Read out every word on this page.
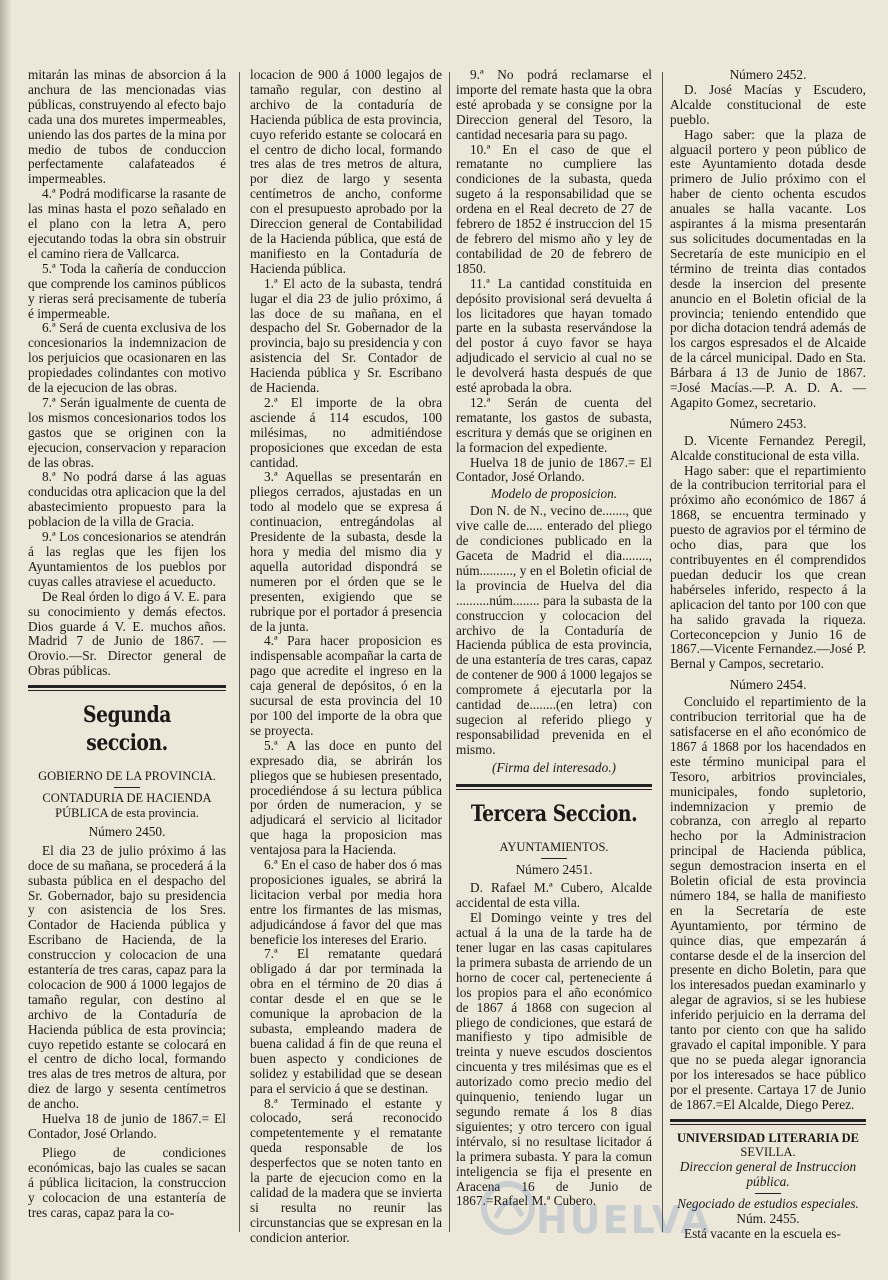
mitarán las minas de absorcion á la anchura de las mencionadas vias públicas, construyendo al efecto bajo cada una dos muretes impermeables, uniendo las dos partes de la mina por medio de tubos de conduccion perfectamente calafateados é impermeables.

4.ª Podrá modificarse la rasante de las minas hasta el pozo señalado en el plano con la letra A, pero ejecutando todas la obra sin obstruir el camino riera de Vallcarca.

5.ª Toda la cañería de conduccion que comprende los caminos públicos y rieras será precisamente de tubería é impermeable.

6.ª Será de cuenta exclusiva de los concesionarios la indemnizacion de los perjuicios que ocasionaren en las propiedades colindantes con motivo de la ejecucion de las obras.

7.ª Serán igualmente de cuenta de los mismos concesionarios todos los gastos que se originen con la ejecucion, conservacion y reparacion de las obras.

8.ª No podrá darse á las aguas conducidas otra aplicacion que la del abastecimiento propuesto para la poblacion de la villa de Gracia.

9.ª Los concesionarios se atendrán á las reglas que les fijen los Ayuntamientos de los pueblos por cuyas calles atraviese el acueducto.

De Real órden lo digo á V. E. para su conocimiento y demás efectos. Dios guarde á V. E. muchos años. Madrid 7 de Junio de 1867. —Orovio.—Sr. Director general de Obras públicas.

Segunda seccion.

GOBIERNO DE LA PROVINCIA.

CONTADURIA DE HACIENDA PÚBLICA de esta provincia.

Número 2450.

El dia 23 de julio próximo á las doce de su mañana, se procederá á la subasta pública en el despacho del Sr. Gobernador, bajo su presidencia y con asistencia de los Sres. Contador de Hacienda pública y Escribano de Hacienda, de la construccion y colocacion de una estantería de tres caras, capaz para la colocacion de 900 á 1000 legajos de tamaño regular, con destino al archivo de la Contaduría de Hacienda pública de esta provincia; cuyo repetido estante se colocará en el centro de dicho local, formando tres alas de tres metros de altura, por diez de largo y sesenta centímetros de ancho.

Huelva 18 de junio de 1867.= El Contador, José Orlando.

Pliego de condiciones económicas, bajo las cuales se sacan á pública licitacion, la construccion y colocacion de una estantería de tres caras, capaz para la co-

locacion de 900 á 1000 legajos de tamaño regular, con destino al archivo de la contaduría de Hacienda pública de esta provincia, cuyo referido estante se colocará en el centro de dicho local, formando tres alas de tres metros de altura, por diez de largo y sesenta centímetros de ancho, conforme con el presupuesto aprobado por la Direccion general de Contabilidad de la Hacienda pública, que está de manifiesto en la Contaduría de Hacienda pública.

1.ª El acto de la subasta, tendrá lugar el dia 23 de julio próximo, á las doce de su mañana, en el despacho del Sr. Gobernador de la provincia, bajo su presidencia y con asistencia del Sr. Contador de Hacienda pública y Sr. Escribano de Hacienda.

2.ª El importe de la obra asciende á 114 escudos, 100 milésimas, no admitiéndose proposiciones que excedan de esta cantidad.

3.ª Aquellas se presentarán en pliegos cerrados, ajustadas en un todo al modelo que se expresa á continuacion, entregándolas al Presidente de la subasta, desde la hora y media del mismo dia y aquella autoridad dispondrá se numeren por el órden que se le presenten, exigiendo que se rubrique por el portador á presencia de la junta.

4.ª Para hacer proposicion es indispensable acompañar la carta de pago que acredite el ingreso en la caja general de depósitos, ó en la sucursal de esta provincia del 10 por 100 del importe de la obra que se proyecta.

5.ª A las doce en punto del expresado dia, se abrirán los pliegos que se hubiesen presentado, procediéndose á su lectura pública por órden de numeracion, y se adjudicará el servicio al licitador que haga la proposicion mas ventajosa para la Hacienda.

6.ª En el caso de haber dos ó mas proposiciones iguales, se abrirá la licitacion verbal por media hora entre los firmantes de las mismas, adjudicándose á favor del que mas beneficie los intereses del Erario.

7.ª El rematante quedará obligado á dar por terminada la obra en el término de 20 dias á contar desde el en que se le comunique la aprobacion de la subasta, empleando madera de buena calidad á fin de que reuna el buen aspecto y condiciones de solidez y estabilidad que se desean para el servicio á que se destinan.

8.ª Terminado el estante y colocado, será reconocido competentemente y el rematante queda responsable de los desperfectos que se noten tanto en la parte de ejecucion como en la calidad de la madera que se invierta si resulta no reunir las circunstancias que se expresan en la condicion anterior.

9.ª No podrá reclamarse el importe del remate hasta que la obra esté aprobada y se consigne por la Direccion general del Tesoro, la cantidad necesaria para su pago.

10.ª En el caso de que el rematante no cumpliere las condiciones de la subasta, queda sugeto á la responsabilidad que se ordena en el Real decreto de 27 de febrero de 1852 é instruccion del 15 de febrero del mismo año y ley de contabilidad de 20 de febrero de 1850.

11.ª La cantidad constituida en depósito provisional será devuelta á los licitadores que hayan tomado parte en la subasta reservándose la del postor á cuyo favor se haya adjudicado el servicio al cual no se le devolverá hasta después de que esté aprobada la obra.

12.ª Serán de cuenta del rematante, los gastos de subasta, escritura y demás que se originen en la formacion del expediente.

Huelva 18 de junio de 1867.= El Contador, José Orlando.

Modelo de proposicion.

Don N. de N., vecino de......., que vive calle de..... enterado del pliego de condiciones publicado en la Gaceta de Madrid el dia........, núm.........., y en el Boletin oficial de la provincia de Huelva del dia ..........núm........ para la subasta de la construccion y colocacion del archivo de la Contaduría de Hacienda pública de esta provincia, de una estantería de tres caras, capaz de contener de 900 á 1000 legajos se compromete á ejecutarla por la cantidad de........(en letra) con sugecion al referido pliego y responsabilidad prevenida en el mismo.

(Firma del interesado.)

Tercera Seccion.

AYUNTAMIENTOS.

Número 2451.

D. Rafael M.ª Cubero, Alcalde accidental de esta villa.

El Domingo veinte y tres del actual á la una de la tarde ha de tener lugar en las casas capitulares la primera subasta de arriendo de un horno de cocer cal, perteneciente á los propios para el año económico de 1867 á 1868 con sugecion al pliego de condiciones, que estará de manifiesto y tipo admisible de treinta y nueve escudos doscientos cincuenta y tres milésimas que es el autorizado como precio medio del quinquenio, teniendo lugar un segundo remate á los 8 dias siguientes; y otro tercero con igual intérvalo, si no resultase licitador á la primera subasta. Y para la comun inteligencia se fija el presente en Aracena 16 de Junio de 1867.=Rafael M.ª Cubero.

Número 2452.

D. José Macías y Escudero, Alcalde constitucional de este pueblo.

Hago saber: que la plaza de alguacil portero y peon público de este Ayuntamiento dotada desde primero de Julio próximo con el haber de ciento ochenta escudos anuales se halla vacante. Los aspirantes á la misma presentarán sus solicitudes documentadas en la Secretaría de este municipio en el término de treinta dias contados desde la insercion del presente anuncio en el Boletin oficial de la provincia; teniendo entendido que por dicha dotacion tendrá además de los cargos espresados el de Alcaide de la cárcel municipal. Dado en Sta. Bárbara á 13 de Junio de 1867. =José Macías.—P. A. D. A. —Agapito Gomez, secretario.

Número 2453.

D. Vicente Fernandez Peregil, Alcalde constitucional de esta villa.

Hago saber: que el repartimiento de la contribucion territorial para el próximo año económico de 1867 á 1868, se encuentra terminado y puesto de agravios por el término de ocho dias, para que los contribuyentes en él comprendidos puedan deducir los que crean habérseles inferido, respecto á la aplicacion del tanto por 100 con que ha salido gravada la riqueza. Corteconcepcion y Junio 16 de 1867.—Vicente Fernandez.—José P. Bernal y Campos, secretario.

Número 2454.

Concluido el repartimiento de la contribucion territorial que ha de satisfacerse en el año económico de 1867 á 1868 por los hacendados en este término municipal para el Tesoro, arbitrios provinciales, municipales, fondo supletorio, indemnizacion y premio de cobranza, con arreglo al reparto hecho por la Administracion principal de Hacienda pública, segun demostracion inserta en el Boletin oficial de esta provincia número 184, se halla de manifiesto en la Secretaría de este Ayuntamiento, por término de quince dias, que empezarán á contarse desde el de la insercion del presente en dicho Boletin, para que los interesados puedan examinarlo y alegar de agravios, si se les hubiese inferido perjuicio en la derrama del tanto por ciento con que ha salido gravado el capital imponible. Y para que no se pueda alegar ignorancia por los interesados se hace público por el presente. Cartaya 17 de Junio de 1867.=El Alcalde, Diego Perez.

UNIVERSIDAD LITERARIA DE

SEVILLA.

Direccion general de Instruccion pública.

Negociado de estudios especiales.

Núm. 2455.

Está vacante en la escuela es-

HUELVA
